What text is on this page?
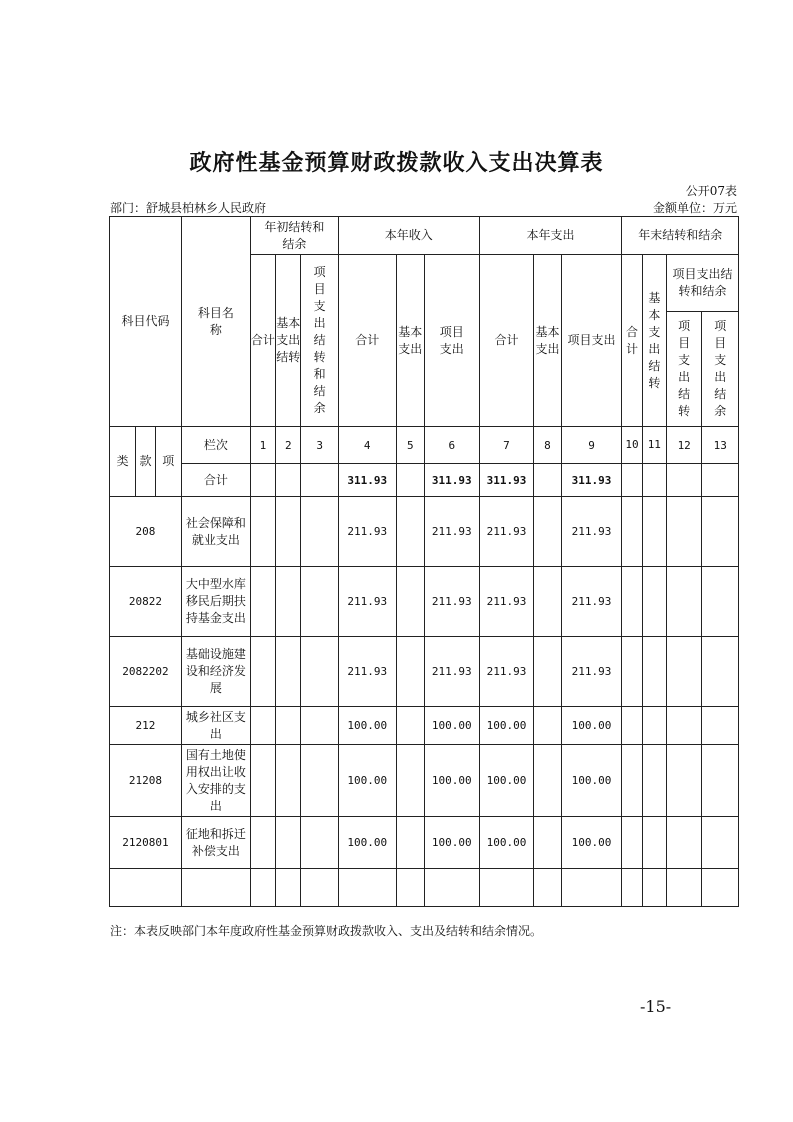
政府性基金预算财政拨款收入支出决算表
公开07表
部门：舒城县柏林乡人民政府	金额单位：万元
科目代码			科目名称	年初结转和结余			本年收入			本年支出			年末结转和结余			
				合计	基本支出结转	项目支出结转和结余	合计	基本支出	项目支出	合计	基本支出	项目支出	合计	基本支出结转	项目支出结转和结余	
															项目支出结转	项目支出结余
类	款	项	栏次	1	2	3	4	5	6	7	8	9	10	11	12	13
			合计				311.93		311.93	311.93		311.93				
208			社会保障和就业支出				211.93		211.93	211.93		211.93				
20822			大中型水库移民后期扶持基金支出				211.93		211.93	211.93		211.93				
2082202			基础设施建设和经济发展				211.93		211.93	211.93		211.93				
212			城乡社区支出				100.00		100.00	100.00		100.00				
21208			国有土地使用权出让收入安排的支出				100.00		100.00	100.00		100.00				
2120801			征地和拆迁补偿支出				100.00		100.00	100.00		100.00				

注：本表反映部门本年度政府性基金预算财政拨款收入、支出及结转和结余情况。
-15-
